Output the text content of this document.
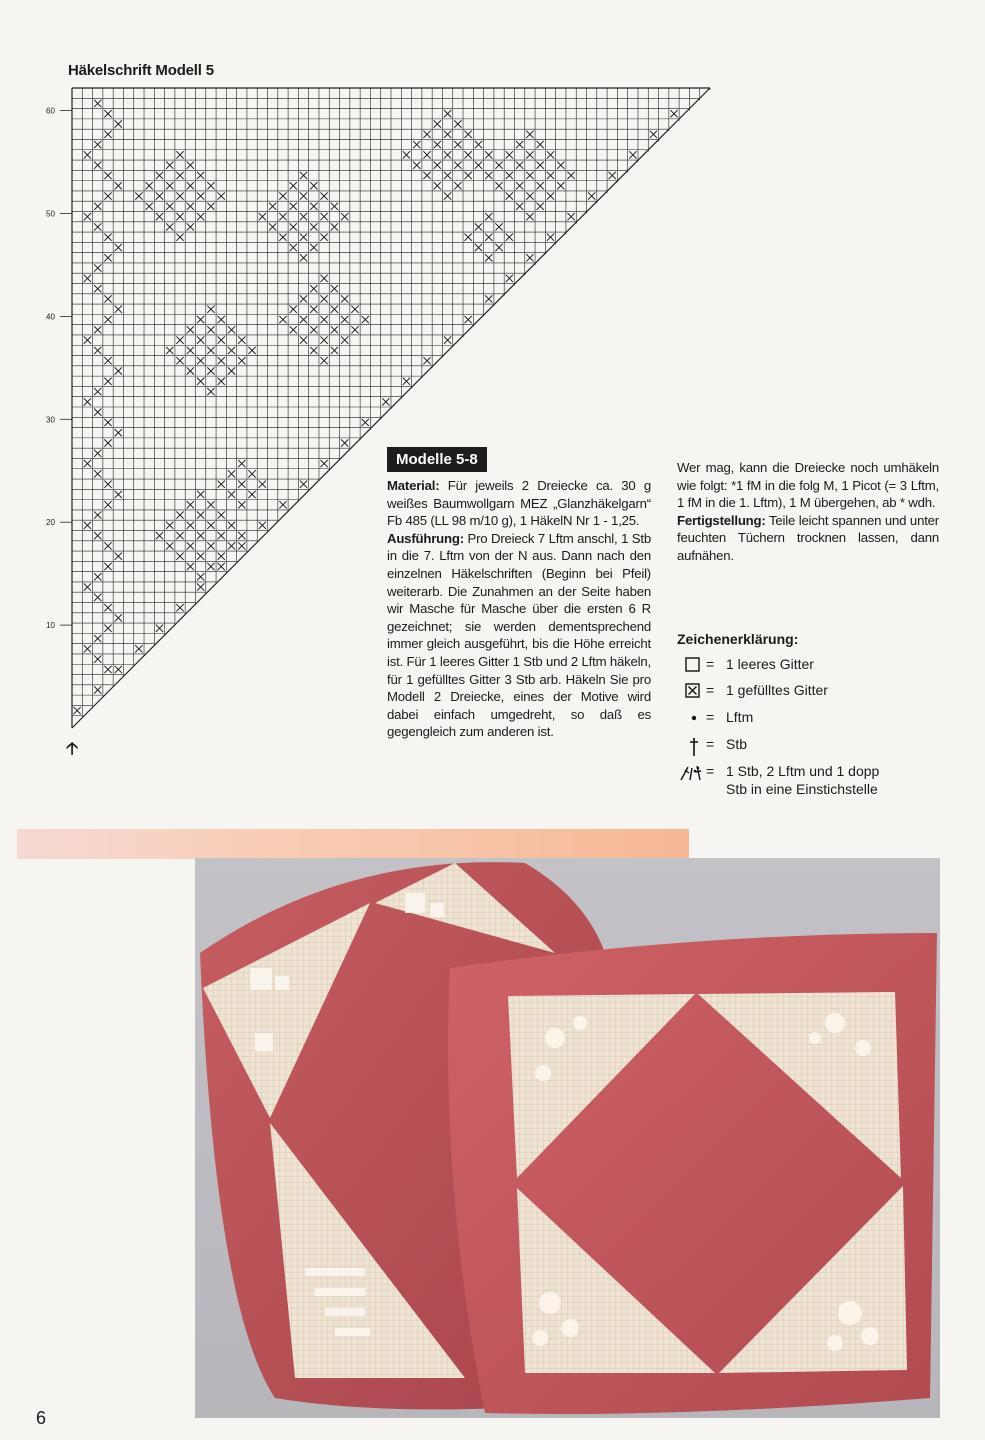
Häkelschrift Modell 5
60
50
40
30
20
10
🡡
Modelle 5-8

Material: Für jeweils 2 Dreiecke ca. 30 g weißes Baumwollgarn MEZ „Glanzhäkelgarn“ Fb 485 (LL 98 m/10 g), 1 HäkelN Nr 1 - 1,25.

Ausführung: Pro Dreieck 7 Lftm anschl, 1 Stb in die 7. Lftm von der N aus. Dann nach den einzelnen Häkelschriften (Beginn bei Pfeil) weiterarb. Die Zunahmen an der Seite haben wir Masche für Masche über die ersten 6 R gezeichnet; sie werden dementsprechend immer gleich ausgeführt, bis die Höhe erreicht ist. Für 1 leeres Gitter 1 Stb und 2 Lftm häkeln, für 1 gefülltes Gitter 3 Stb arb. Häkeln Sie pro Modell 2 Dreiecke, eines der Motive wird dabei einfach umgedreht, so daß es gegengleich zum anderen ist.

Wer mag, kann die Dreiecke noch umhäkeln wie folgt: *1 fM in die folg M, 1 Picot (= 3 Lftm, 1 fM in die 1. Lftm), 1 M übergehen, ab * wdh.

Fertigstellung: Teile leicht spannen und unter feuchten Tüchern trocknen lassen, dann aufnähen.

Zeichenerklärung:
= 1 leeres Gitter
= 1 gefülltes Gitter
= Lftm
= Stb
= 1 Stb, 2 Lftm und 1 dopp Stb in eine Einstichstelle
6
